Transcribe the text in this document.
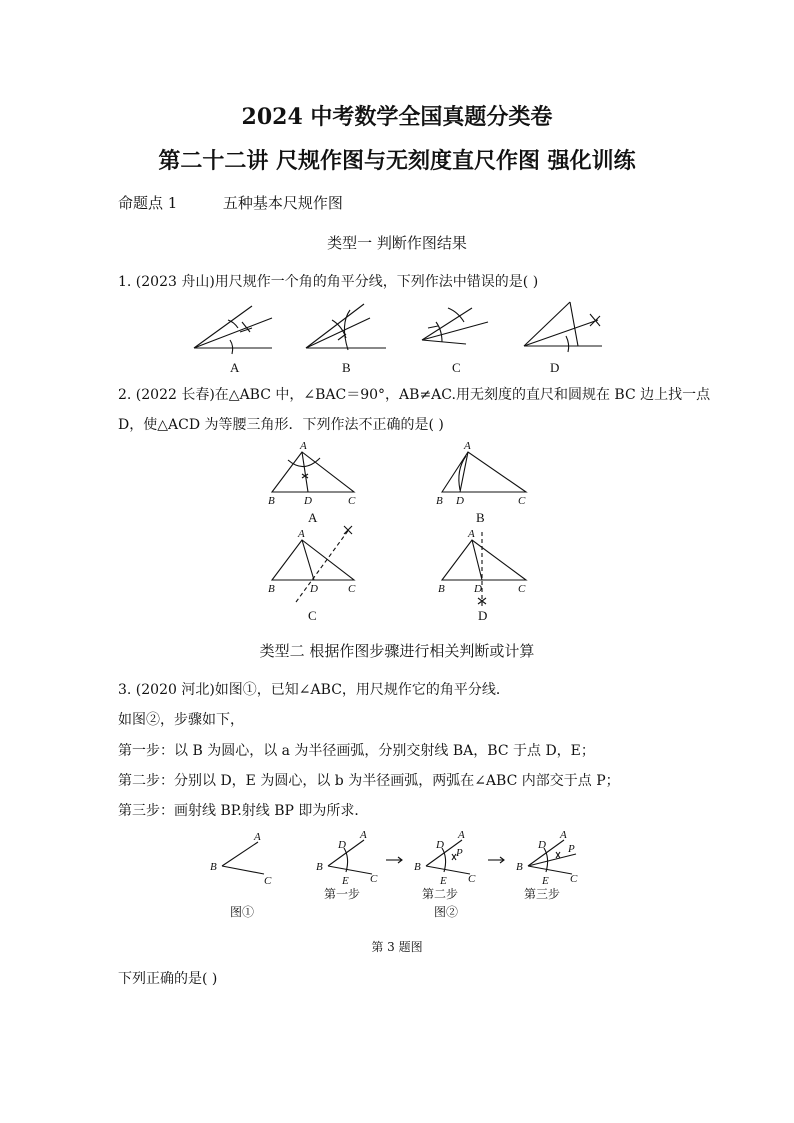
2024 中考数学全国真题分类卷
第二十二讲 尺规作图与无刻度直尺作图 强化训练
命题点 1	五种基本尺规作图
类型一 判断作图结果
1. (2023 舟山)用尺规作一个角的角平分线，下列作法中错误的是( )
A	B	C	D
2. (2022 长春)在△ABC 中，∠BAC＝90°，AB≠AC.用无刻度的直尺和圆规在 BC 边上找一点
D，使△ACD 为等腰三角形．下列作法不正确的是( )
A
B	D	C
A
A
B D	C
B
A
B	D	C
C
A
B	D	C
D
类型二 根据作图步骤进行相关判断或计算
3. (2020 河北)如图①，已知∠ABC，用尺规作它的角平分线．
如图②，步骤如下，
第一步：以 B 为圆心，以 a 为半径画弧，分别交射线 BA，BC 于点 D，E；
第二步：分别以 D，E 为圆心，以 b 为半径画弧，两弧在∠ABC 内部交于点 P；
第三步：画射线 BP.射线 BP 即为所求．
A
B
C
图①
A
B
D
E C
第一步
A
B
D
P
E C
第二步
图②
A
B
D P
E C
第三步
第 3 题图
下列正确的是( )
